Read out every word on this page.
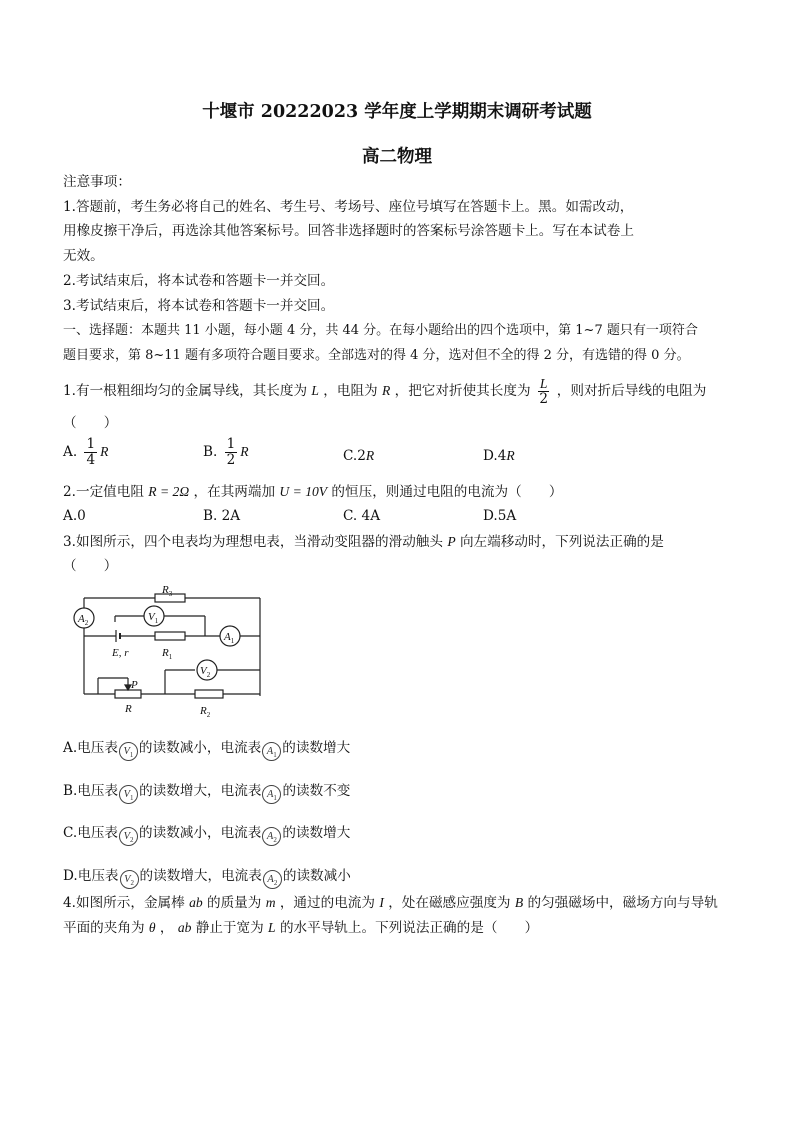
十堰市 20222023 学年度上学期期末调研考试题
高二物理
注意事项：
1.答题前，考生务必将自己的姓名、考生号、考场号、座位号填写在答题卡上。黑。如需改动，
用橡皮擦干净后，再选涂其他答案标号。回答非选择题时的答案标号涂答题卡上。写在本试卷上
无效。
2.考试结束后，将本试卷和答题卡一并交回。
3.考试结束后，将本试卷和答题卡一并交回。
一、选择题：本题共 11 小题，每小题 4 分，共 44 分。在每小题给出的四个选项中，第 1~7 题只有一项符合
题目要求，第 8~11 题有多项符合题目要求。全部选对的得 4 分，选对但不全的得 2 分，有选错的得 0 分。
1.有一根粗细均匀的金属导线，其长度为 L ，电阻为 R ，把它对折使其长度为 $\frac{L}{2}$ ，则对折后导线的电阻为
（　　）
A. $\frac{1}{4}$ R	B. $\frac{1}{2}$ R	C.2R	D.4R
2.一定值电阻 R = 2Ω ，在其两端加 U = 10V 的恒压，则通过电阻的电流为（　　）
A.0	B. 2A	C. 4A	D.5A
3.如图所示，四个电表均为理想电表，当滑动变阻器的滑动触头 P 向左端移动时，下列说法正确的是
（　　）
$R_3$
$A_2$	$V_1$
$A_1$
E, r	$R_1$
$V_2$
P
R	$R_2$
A.电压表 $V_1$ 的读数减小，电流表 $A_1$ 的读数增大
B.电压表 $V_1$ 的读数增大，电流表 $A_1$ 的读数不变
C.电压表 $V_2$ 的读数减小，电流表 $A_2$ 的读数增大
D.电压表 $V_2$ 的读数增大，电流表 $A_2$ 的读数减小
4.如图所示，金属棒 ab 的质量为 m ，通过的电流为 I ，处在磁感应强度为 B 的匀强磁场中，磁场方向与导轨
平面的夹角为 θ ， ab 静止于宽为 L 的水平导轨上。下列说法正确的是（　　）
